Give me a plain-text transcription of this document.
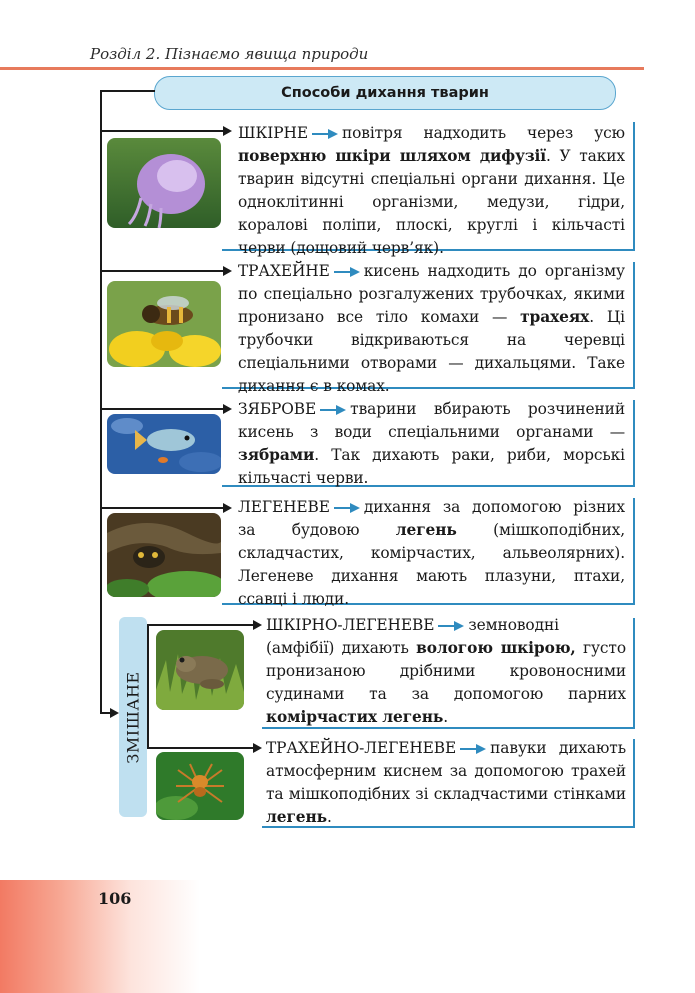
Розділ 2. Пізнаємо явища природи
Способи дихання тварин
ШКІРНЕ повітря надходить через усю поверхню шкіри шляхом дифузії. У таких тварин відсутні спеціальні органи дихання. Це одноклітинні організми, медузи, гідри, коралові поліпи, плоскі, круглі і кільчасті черви (дощовий черв’як).
ТРАХЕЙНЕ кисень надходить до організму по спеціально розгалужених трубочках, якими пронизано все тіло комахи — трахеях. Ці трубочки відкриваються на черевці спеціальними отворами — дихальцями. Таке дихання є в комах.
ЗЯБРОВЕ тварини вбирають розчинений кисень з води спеціальними органами — зябрами. Так дихають раки, риби, морські кільчасті черви.
ЛЕГЕНЕВЕ дихання за допомогою різних за будовою легень (мішкоподібних, складчастих, комірчастих, альвеолярних). Легеневе дихання мають плазуни, птахи, ссавці і люди.
ЗМІШАНЕ
ШКІРНО-ЛЕГЕНЕВЕ земноводні (амфібії) дихають вологою шкірою, густо пронизаною дрібними кровоносними судинами та за допомогою парних комірчастих легень.
ТРАХЕЙНО-ЛЕГЕНЕВЕ павуки дихають атмосферним киснем за допомогою трахей та мішкоподібних зі складчастими стінками легень.
106
